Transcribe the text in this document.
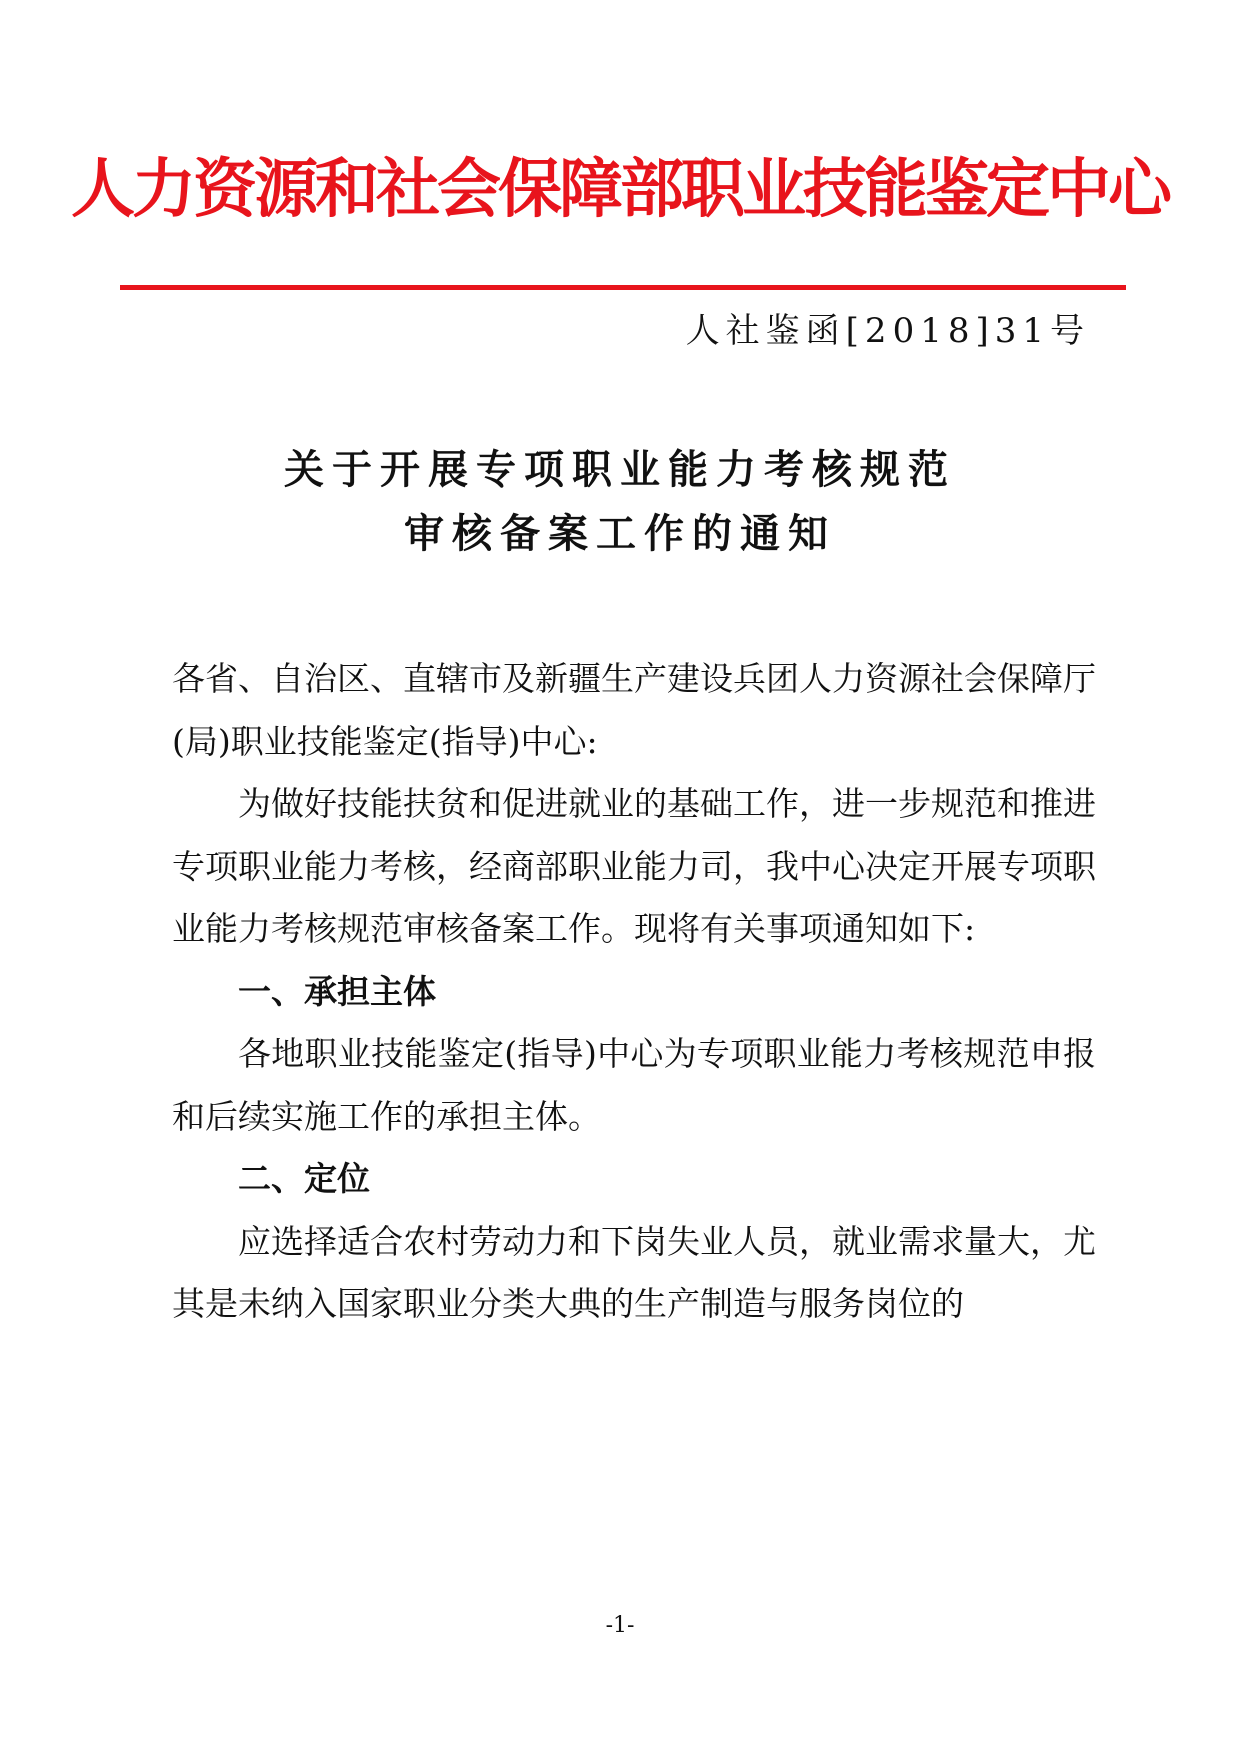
人力资源和社会保障部职业技能鉴定中心
人社鉴函[2018]31号
关于开展专项职业能力考核规范
审核备案工作的通知

各省、自治区、直辖市及新疆生产建设兵团人力资源社会保障厅(局)职业技能鉴定(指导)中心:

为做好技能扶贫和促进就业的基础工作，进一步规范和推进专项职业能力考核，经商部职业能力司，我中心决定开展专项职业能力考核规范审核备案工作。现将有关事项通知如下:

一、承担主体

各地职业技能鉴定(指导)中心为专项职业能力考核规范申报和后续实施工作的承担主体。

二、定位

应选择适合农村劳动力和下岗失业人员，就业需求量大，尤其是未纳入国家职业分类大典的生产制造与服务岗位的

-1-
